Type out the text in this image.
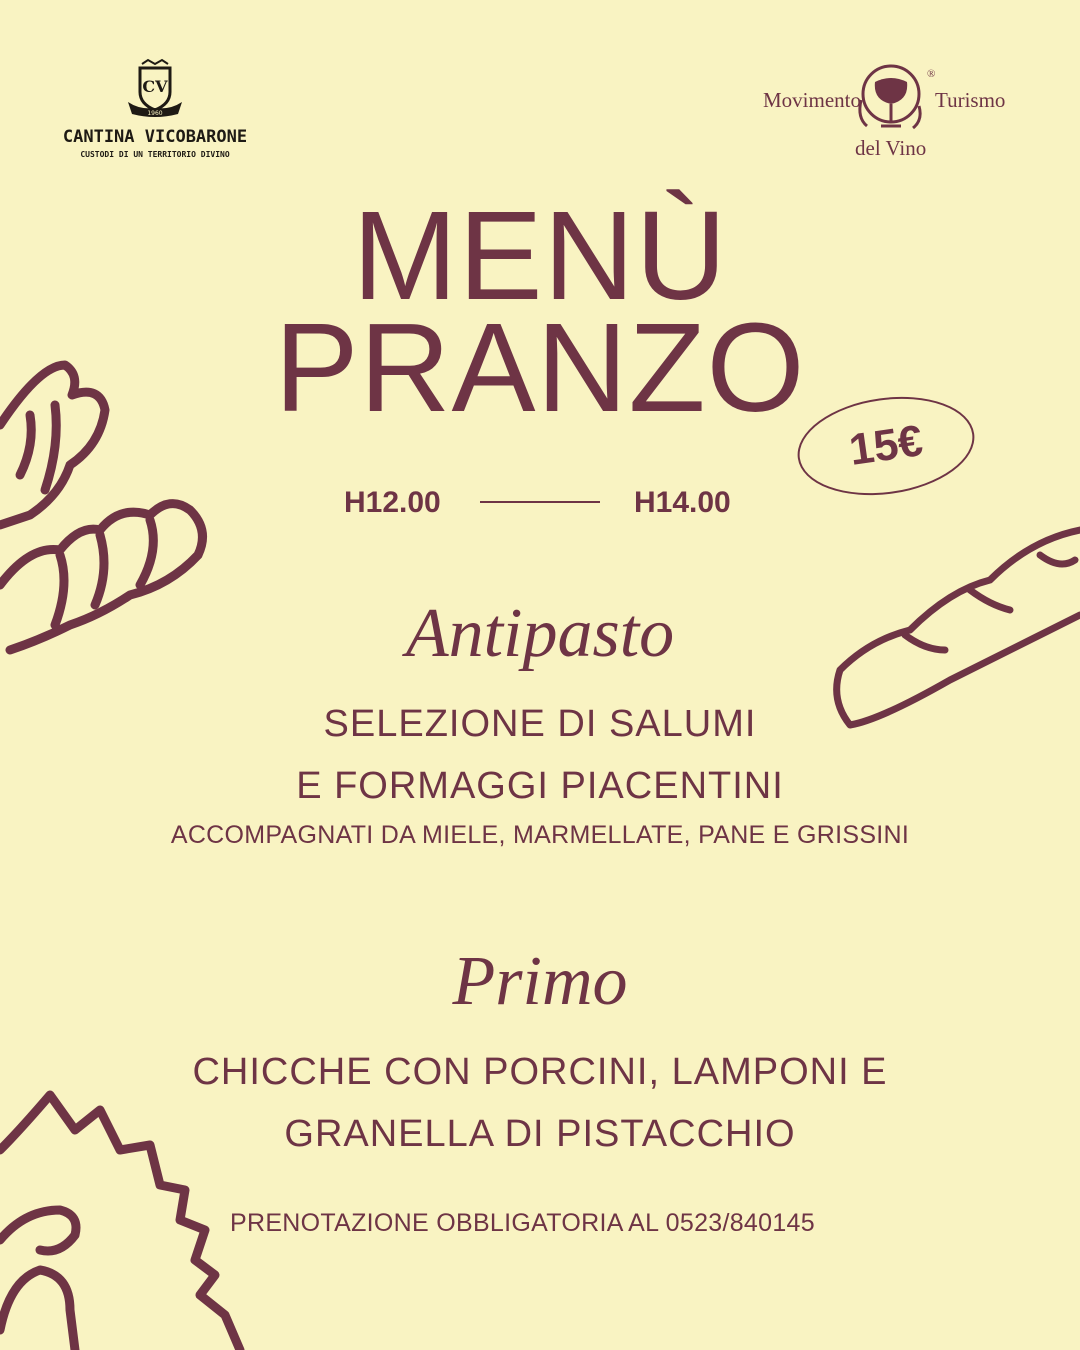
CV
1960
CANTINA VICOBARONE
CUSTODI DI UN TERRITORIO DIVINO
Movimento	Turismo
del Vino
®
MENÙ
PRANZO
15€
H12.00	H14.00
Antipasto
SELEZIONE DI SALUMI
E FORMAGGI PIACENTINI
ACCOMPAGNATI DA MIELE, MARMELLATE, PANE E GRISSINI
Primo
CHICCHE CON PORCINI, LAMPONI E
GRANELLA DI PISTACCHIO
PRENOTAZIONE OBBLIGATORIA AL 0523/840145
